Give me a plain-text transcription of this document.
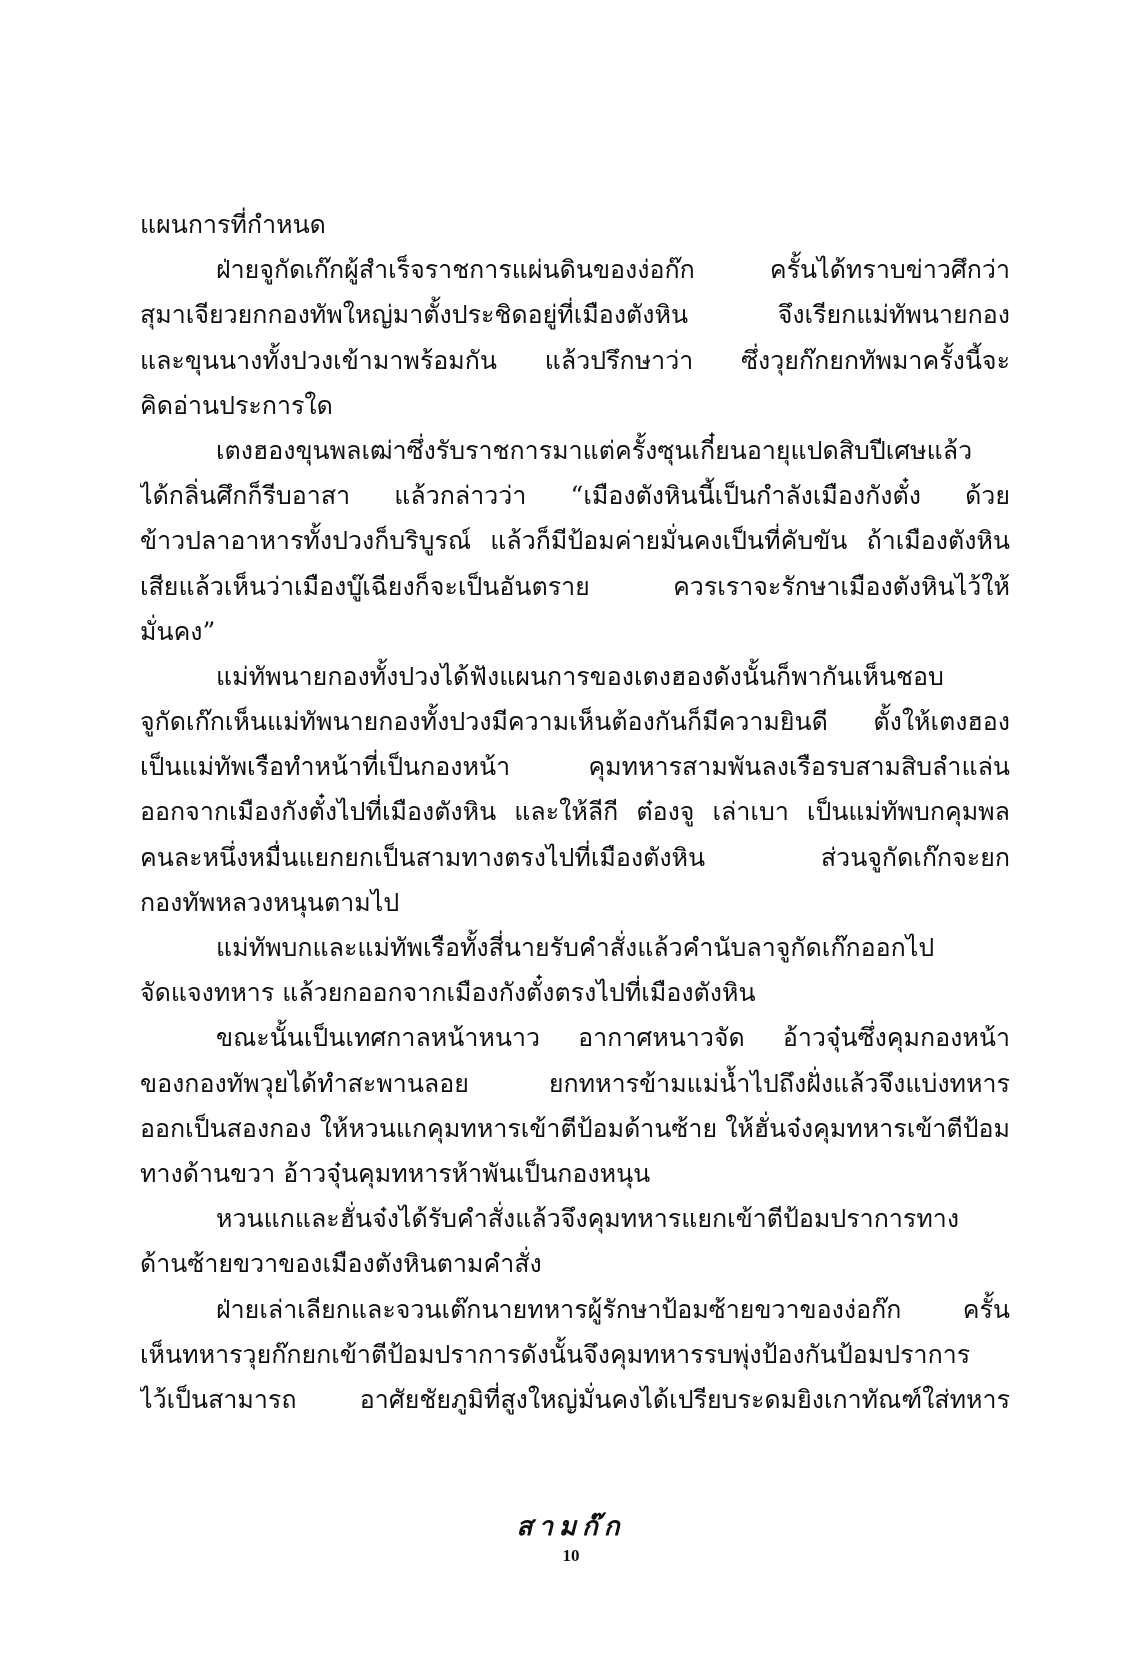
แผนการที่กำหนด
ฝ่ายจูกัดเก๊กผู้สำเร็จราชการแผ่นดินของง่อก๊ก ครั้นได้ทราบข่าวศึกว่า
สุมาเจียวยกกองทัพใหญ่มาตั้งประชิดอยู่ที่เมืองตังหิน จึงเรียกแม่ทัพนายกอง
และขุนนางทั้งปวงเข้ามาพร้อมกัน แล้วปรึกษาว่า ซึ่งวุยก๊กยกทัพมาครั้งนี้จะ
คิดอ่านประการใด
เตงฮองขุนพลเฒ่าซึ่งรับราชการมาแต่ครั้งซุนเกี๋ยนอายุแปดสิบปีเศษแล้ว
ได้กลิ่นศึกก็รีบอาสา แล้วกล่าวว่า “เมืองตังหินนี้เป็นกำลังเมืองกังตั๋ง ด้วย
ข้าวปลาอาหารทั้งปวงก็บริบูรณ์ แล้วก็มีป้อมค่ายมั่นคงเป็นที่คับขัน ถ้าเมืองตังหิน
เสียแล้วเห็นว่าเมืองบู๊เฉียงก็จะเป็นอันตราย ควรเราจะรักษาเมืองตังหินไว้ให้
มั่นคง”
แม่ทัพนายกองทั้งปวงได้ฟังแผนการของเตงฮองดังนั้นก็พากันเห็นชอบ
จูกัดเก๊กเห็นแม่ทัพนายกองทั้งปวงมีความเห็นต้องกันก็มีความยินดี ตั้งให้เตงฮอง
เป็นแม่ทัพเรือทำหน้าที่เป็นกองหน้า คุมทหารสามพันลงเรือรบสามสิบลำแล่น
ออกจากเมืองกังตั๋งไปที่เมืองตังหิน และให้ลีกี ต๋องจู เล่าเบา เป็นแม่ทัพบกคุมพล
คนละหนึ่งหมื่นแยกยกเป็นสามทางตรงไปที่เมืองตังหิน ส่วนจูกัดเก๊กจะยก
กองทัพหลวงหนุนตามไป
แม่ทัพบกและแม่ทัพเรือทั้งสี่นายรับคำสั่งแล้วคำนับลาจูกัดเก๊กออกไป
จัดแจงทหาร แล้วยกออกจากเมืองกังตั๋งตรงไปที่เมืองตังหิน
ขณะนั้นเป็นเทศกาลหน้าหนาว อากาศหนาวจัด อ้าวจุ๋นซึ่งคุมกองหน้า
ของกองทัพวุยได้ทำสะพานลอย ยกทหารข้ามแม่น้ำไปถึงฝั่งแล้วจึงแบ่งทหาร
ออกเป็นสองกอง ให้หวนแกคุมทหารเข้าตีป้อมด้านซ้าย ให้ฮั่นจ๋งคุมทหารเข้าตีป้อม
ทางด้านขวา อ้าวจุ๋นคุมทหารห้าพันเป็นกองหนุน
หวนแกและฮั่นจ๋งได้รับคำสั่งแล้วจึงคุมทหารแยกเข้าตีป้อมปราการทาง
ด้านซ้ายขวาของเมืองตังหินตามคำสั่ง
ฝ่ายเล่าเลียกและจวนเต๊กนายทหารผู้รักษาป้อมซ้ายขวาของง่อก๊ก ครั้น
เห็นทหารวุยก๊กยกเข้าตีป้อมปราการดังนั้นจึงคุมทหารรบพุ่งป้องกันป้อมปราการ
ไว้เป็นสามารถ อาศัยชัยภูมิที่สูงใหญ่มั่นคงได้เปรียบระดมยิงเกาทัณฑ์ใส่ทหาร
สามก๊ก
10
